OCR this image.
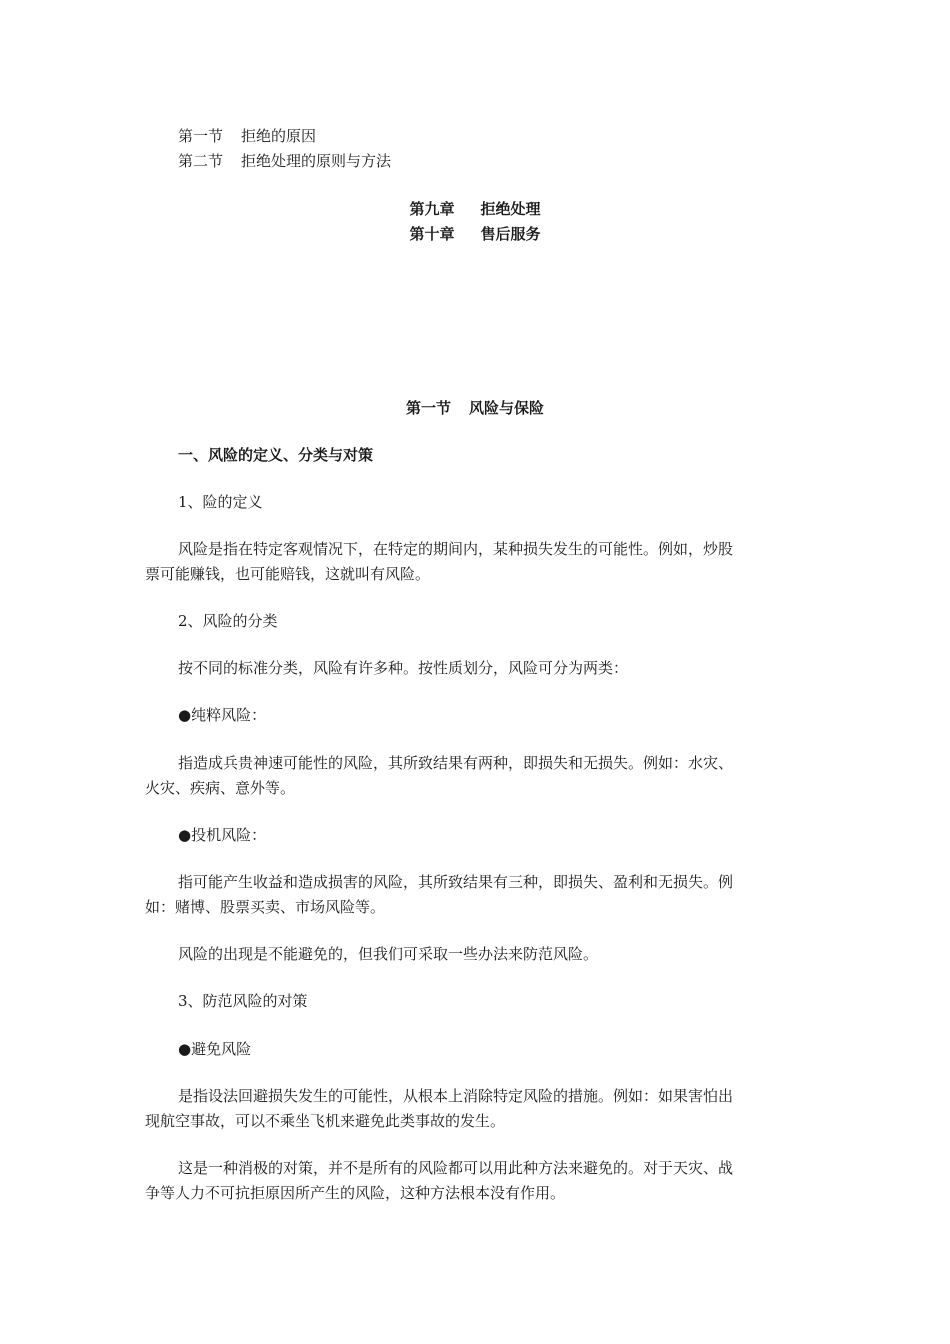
第一节 拒绝的原因
第二节 拒绝处理的原则与方法
第九章 拒绝处理
第十章 售后服务
第一节 风险与保险
一、风险的定义、分类与对策
1、险的定义
风险是指在特定客观情况下，在特定的期间内，某种损失发生的可能性。例如，炒股
票可能赚钱，也可能赔钱，这就叫有风险。
2、风险的分类
按不同的标准分类，风险有许多种。按性质划分，风险可分为两类：
●纯粹风险：
指造成兵贵神速可能性的风险，其所致结果有两种，即损失和无损失。例如：水灾、
火灾、疾病、意外等。
●投机风险：
指可能产生收益和造成损害的风险，其所致结果有三种，即损失、盈利和无损失。例
如：赌博、股票买卖、市场风险等。
风险的出现是不能避免的，但我们可采取一些办法来防范风险。
3、防范风险的对策
●避免风险
是指设法回避损失发生的可能性，从根本上消除特定风险的措施。例如：如果害怕出
现航空事故，可以不乘坐飞机来避免此类事故的发生。
这是一种消极的对策，并不是所有的风险都可以用此种方法来避免的。对于天灾、战
争等人力不可抗拒原因所产生的风险，这种方法根本没有作用。
